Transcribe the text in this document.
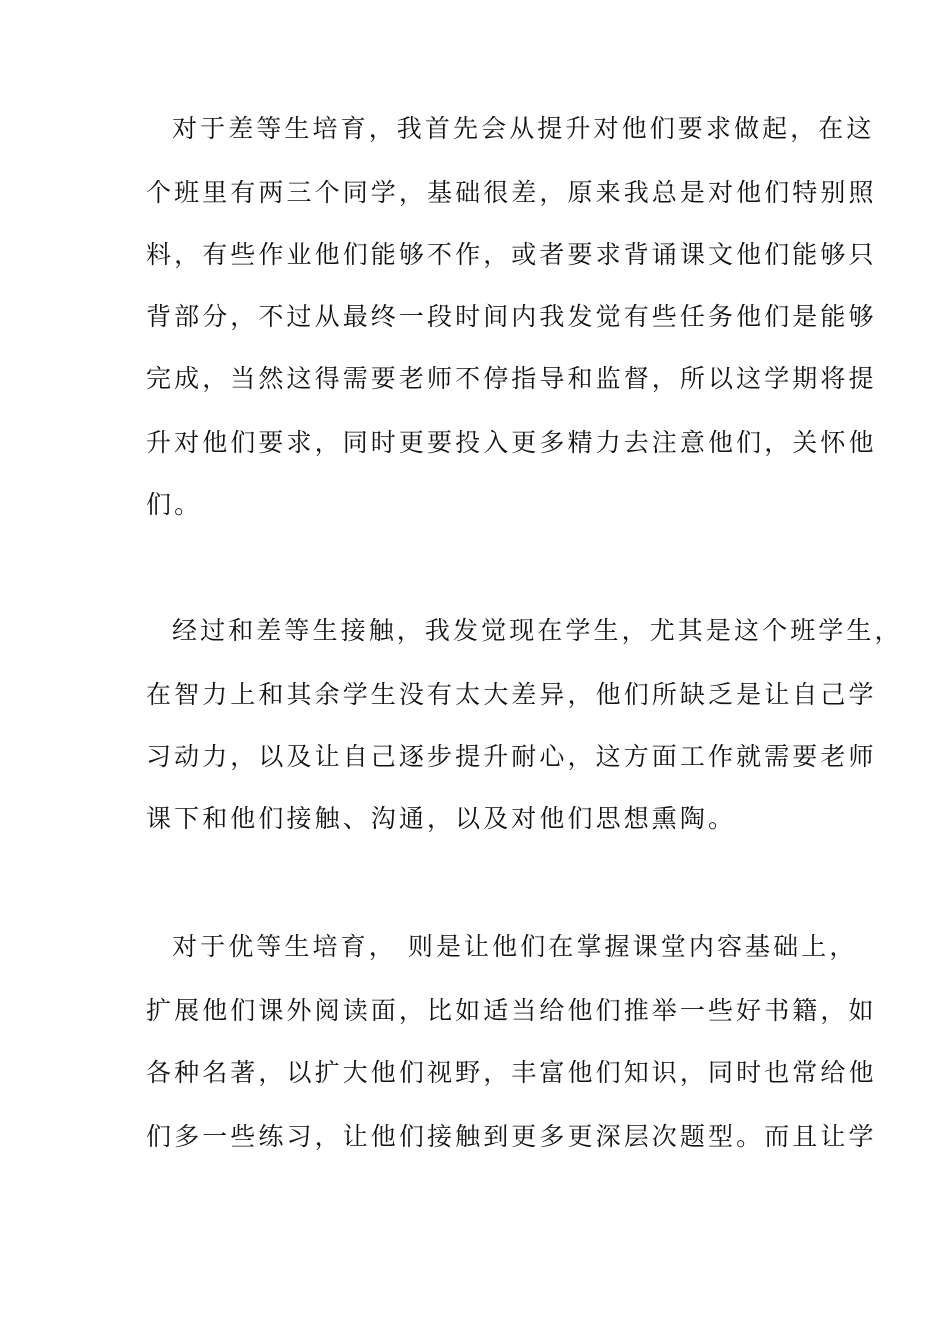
对于差等生培育，我首先会从提升对他们要求做起，在这
个班里有两三个同学，基础很差，原来我总是对他们特别照
料，有些作业他们能够不作，或者要求背诵课文他们能够只
背部分，不过从最终一段时间内我发觉有些任务他们是能够
完成，当然这得需要老师不停指导和监督，所以这学期将提
升对他们要求，同时更要投入更多精力去注意他们，关怀他
们。
经过和差等生接触，我发觉现在学生，尤其是这个班学生，
在智力上和其余学生没有太大差异，他们所缺乏是让自己学
习动力，以及让自己逐步提升耐心，这方面工作就需要老师
课下和他们接触、沟通，以及对他们思想熏陶。
对于优等生培育， 则是让他们在掌握课堂内容基础上，
扩展他们课外阅读面，比如适当给他们推举一些好书籍，如
各种名著，以扩大他们视野，丰富他们知识，同时也常给他
们多一些练习，让他们接触到更多更深层次题型。而且让学
